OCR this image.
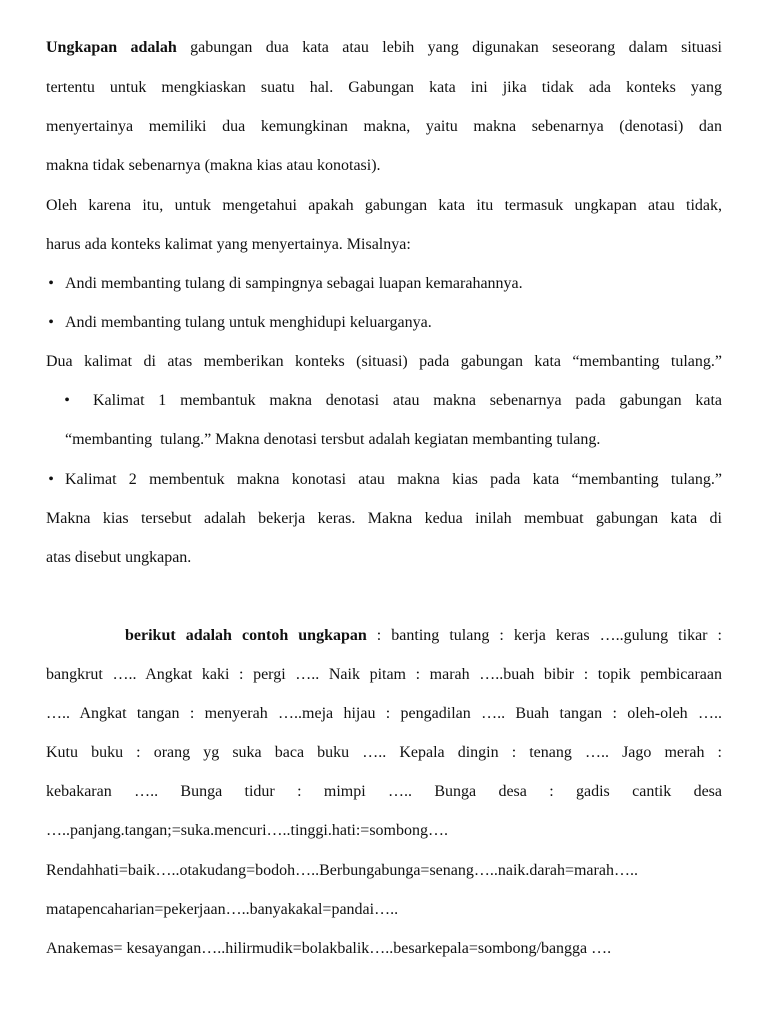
Ungkapan adalah gabungan dua kata atau lebih yang digunakan seseorang dalam situasi
tertentu untuk mengkiaskan suatu hal. Gabungan kata ini jika tidak ada konteks yang
menyertainya memiliki dua kemungkinan makna, yaitu makna sebenarnya (denotasi) dan
makna tidak sebenarnya (makna kias atau konotasi).
Oleh karena itu, untuk mengetahui apakah gabungan kata itu termasuk ungkapan atau tidak,
harus ada konteks kalimat yang menyertainya. Misalnya:
• Andi membanting tulang di sampingnya sebagai luapan kemarahannya.
• Andi membanting tulang untuk menghidupi keluarganya.
Dua kalimat di atas memberikan konteks (situasi) pada gabungan kata “membanting tulang.”
• Kalimat 1 membantuk makna denotasi atau makna sebenarnya pada gabungan kata
“membanting  tulang.” Makna denotasi tersbut adalah kegiatan membanting tulang.
• Kalimat 2 membentuk makna konotasi atau makna kias pada kata “membanting tulang.”
Makna kias tersebut adalah bekerja keras. Makna kedua inilah membuat gabungan kata di
atas disebut ungkapan.
berikut adalah contoh ungkapan : banting tulang : kerja keras …..gulung tikar :
bangkrut ….. Angkat kaki : pergi ….. Naik pitam : marah …..buah bibir : topik pembicaraan
….. Angkat tangan : menyerah …..meja hijau : pengadilan ….. Buah tangan : oleh-oleh …..
Kutu buku : orang yg suka baca buku ….. Kepala dingin : tenang ….. Jago merah :
kebakaran ….. Bunga tidur : mimpi ….. Bunga desa : gadis cantik desa
…..panjang.tangan;=suka.mencuri…..tinggi.hati:=sombong….
Rendahhati=baik…..otakudang=bodoh…..Berbungabunga=senang…..naik.darah=marah…..
matapencaharian=pekerjaan…..banyakakal=pandai…..
Anakemas= kesayangan…..hilirmudik=bolakbalik…..besarkepala=sombong/bangga ….
